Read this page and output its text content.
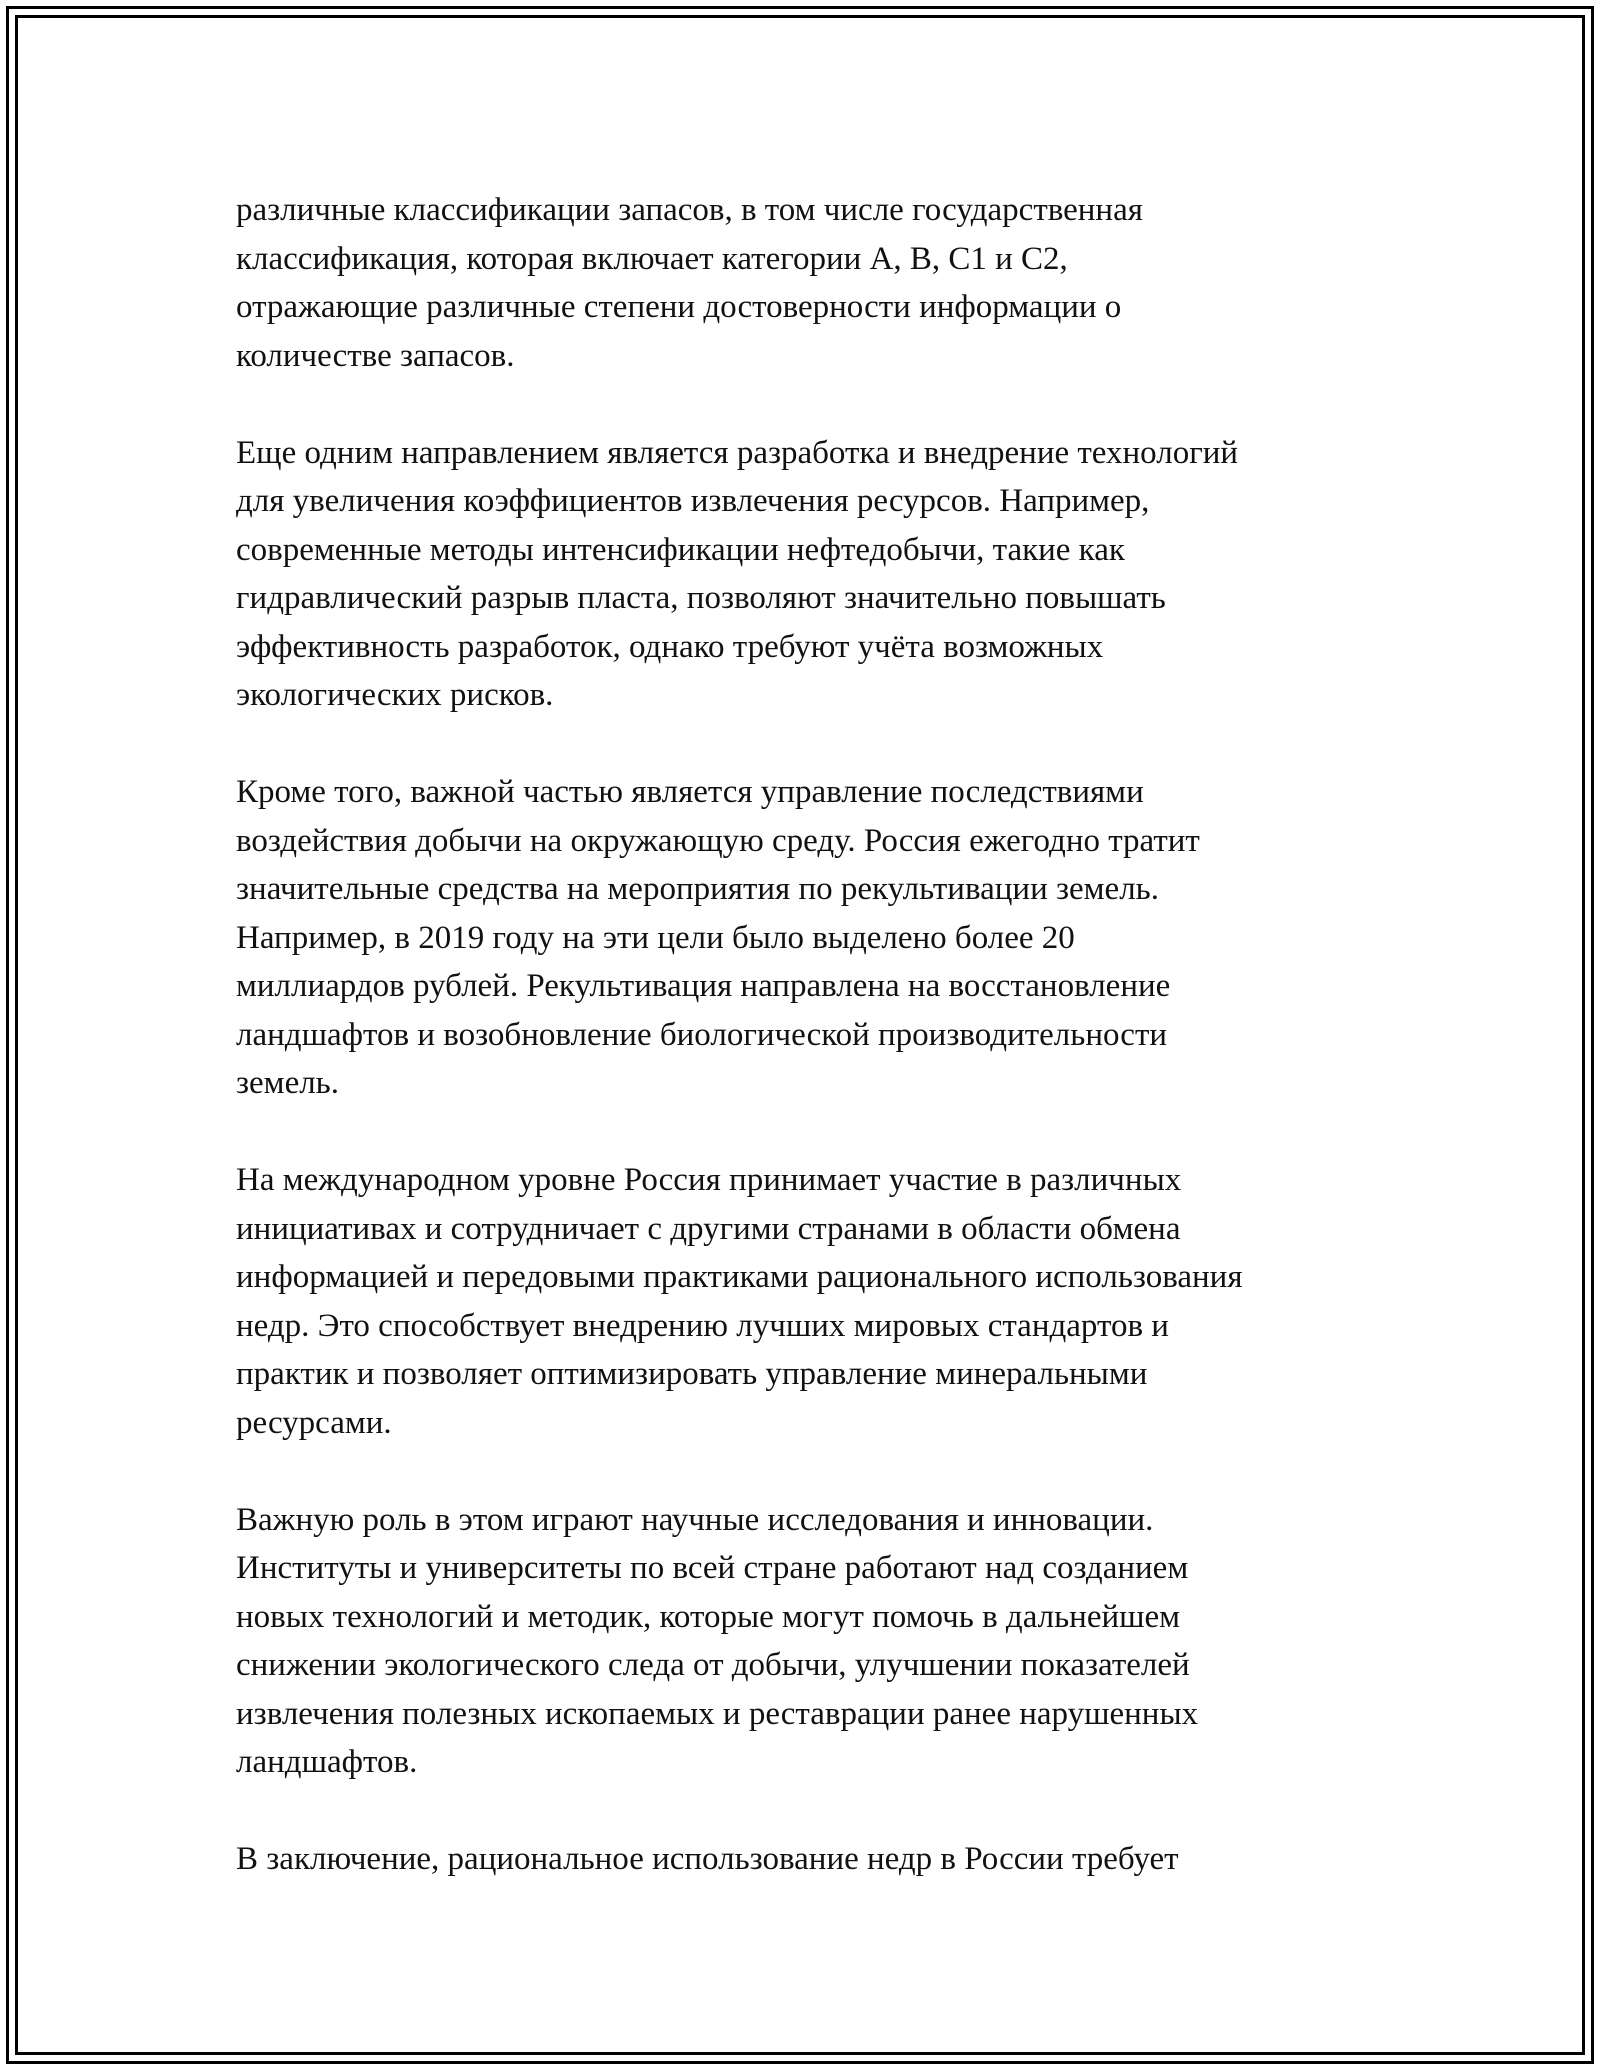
различные классификации запасов, в том числе государственная
классификация, которая включает категории A, B, C1 и C2,
отражающие различные степени достоверности информации о
количестве запасов.

Еще одним направлением является разработка и внедрение технологий
для увеличения коэффициентов извлечения ресурсов. Например,
современные методы интенсификации нефтедобычи, такие как
гидравлический разрыв пласта, позволяют значительно повышать
эффективность разработок, однако требуют учёта возможных
экологических рисков.

Кроме того, важной частью является управление последствиями
воздействия добычи на окружающую среду. Россия ежегодно тратит
значительные средства на мероприятия по рекультивации земель.
Например, в 2019 году на эти цели было выделено более 20
миллиардов рублей. Рекультивация направлена на восстановление
ландшафтов и возобновление биологической производительности
земель.

На международном уровне Россия принимает участие в различных
инициативах и сотрудничает с другими странами в области обмена
информацией и передовыми практиками рационального использования
недр. Это способствует внедрению лучших мировых стандартов и
практик и позволяет оптимизировать управление минеральными
ресурсами.

Важную роль в этом играют научные исследования и инновации.
Институты и университеты по всей стране работают над созданием
новых технологий и методик, которые могут помочь в дальнейшем
снижении экологического следа от добычи, улучшении показателей
извлечения полезных ископаемых и реставрации ранее нарушенных
ландшафтов.

В заключение, рациональное использование недр в России требует
